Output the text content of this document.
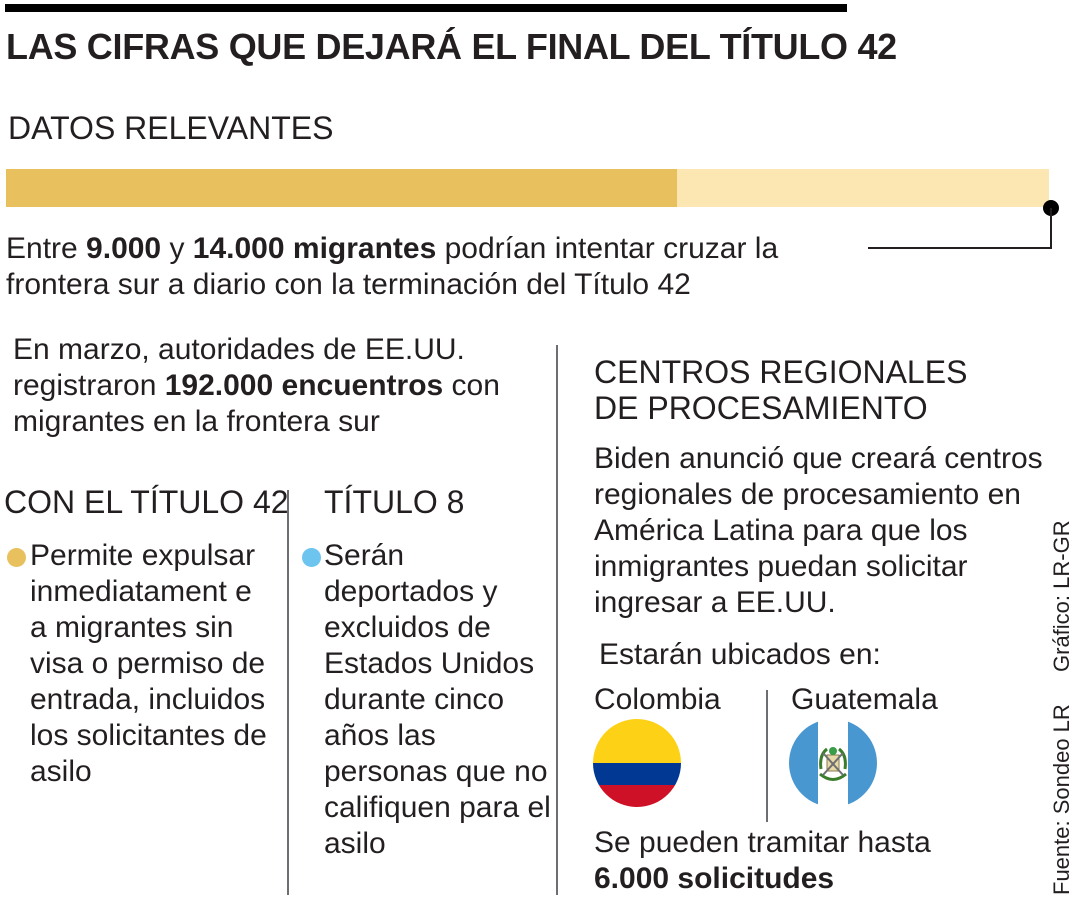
LAS CIFRAS QUE DEJARÁ EL FINAL DEL TÍTULO 42
DATOS RELEVANTES
Entre 9.000 y 14.000 migrantes podrían intentar cruzar la frontera sur a diario con la terminación del Título 42
En marzo, autoridades de EE.UU. registraron 192.000 encuentros con migrantes en la frontera sur
CON EL TÍTULO 42 TÍTULO 8
Permite expulsar inmediatament e a migrantes sin visa o permiso de entrada, incluidos los solicitantes de asilo
Serán deportados y excluidos de Estados Unidos durante cinco años las personas que no califiquen para el asilo
CENTROS REGIONALES
DE PROCESAMIENTO
Biden anunció que creará centros regionales de procesamiento en América Latina para que los inmigrantes puedan solicitar ingresar a EE.UU.
Estarán ubicados en:
Colombia Guatemala
Se pueden tramitar hasta
6.000 solicitudes
Gráfico: LR-GR
Fuente: Sondeo LR
